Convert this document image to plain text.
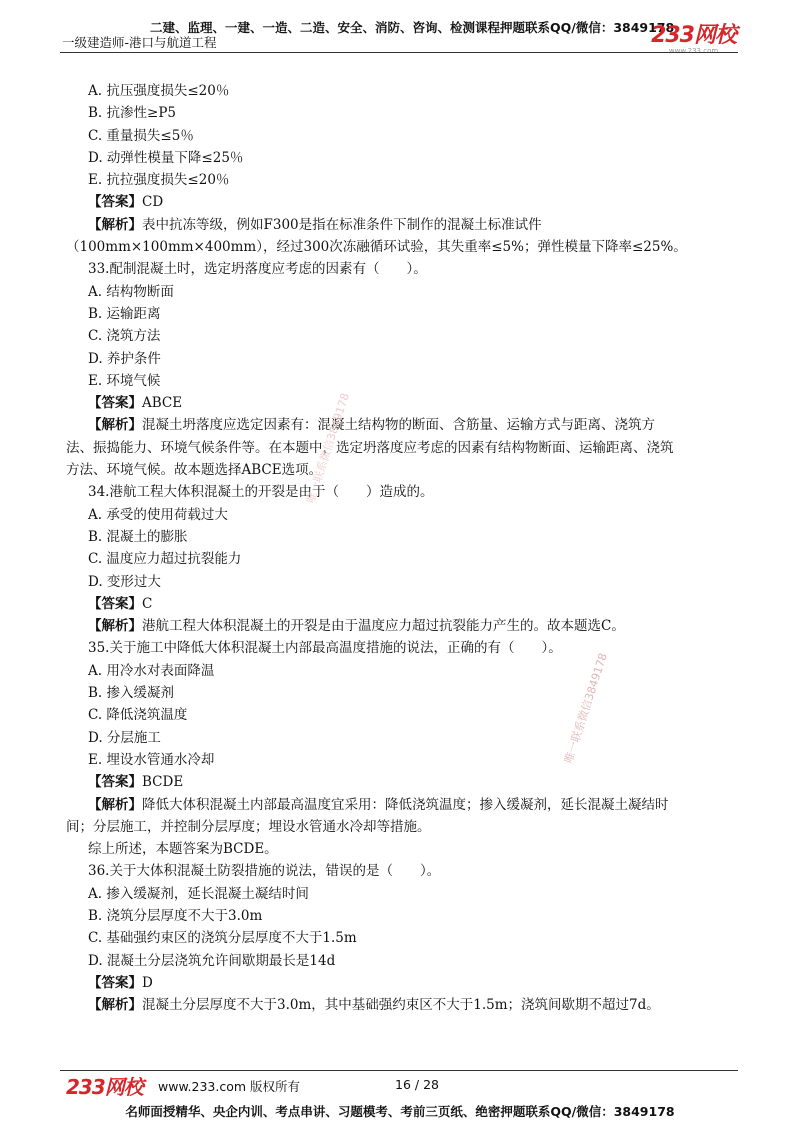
二建、监理、一建、一造、二造、安全、消防、咨询、检测课程押题联系QQ/微信：3849178
一级建造师-港口与航道工程	233网校
www.233.com
A. 抗压强度损失≤20％
B. 抗渗性≥P5
C. 重量损失≤5％
D. 动弹性模量下降≤25％
E. 抗拉强度损失≤20％
【答案】CD
【解析】表中抗冻等级，例如F300是指在标准条件下制作的混凝土标准试件
（100mm×100mm×400mm），经过300次冻融循环试验，其失重率≤5%；弹性模量下降率≤25%。
33.配制混凝土时，选定坍落度应考虑的因素有（　　）。
A. 结构物断面
B. 运输距离
C. 浇筑方法
D. 养护条件
E. 环境气候
【答案】ABCE
【解析】混凝土坍落度应选定因素有：混凝土结构物的断面、含筋量、运输方式与距离、浇筑方
法、振捣能力、环境气候条件等。在本题中，选定坍落度应考虑的因素有结构物断面、运输距离、浇筑
方法、环境气候。故本题选择ABCE选项。
34.港航工程大体积混凝土的开裂是由于（　　）造成的。
A. 承受的使用荷载过大
B. 混凝土的膨胀
C. 温度应力超过抗裂能力
D. 变形过大
【答案】C
【解析】港航工程大体积混凝土的开裂是由于温度应力超过抗裂能力产生的。故本题选C。
35.关于施工中降低大体积混凝土内部最高温度措施的说法，正确的有（　　）。
A. 用冷水对表面降温
B. 掺入缓凝剂
C. 降低浇筑温度
D. 分层施工
E. 埋设水管通水冷却
【答案】BCDE
【解析】降低大体积混凝土内部最高温度宜采用：降低浇筑温度；掺入缓凝剂，延长混凝土凝结时
间；分层施工，并控制分层厚度；埋设水管通水冷却等措施。
综上所述，本题答案为BCDE。
36.关于大体积混凝土防裂措施的说法，错误的是（　　）。
A. 掺入缓凝剂，延长混凝土凝结时间
B. 浇筑分层厚度不大于3.0m
C. 基础强约束区的浇筑分层厚度不大于1.5m
D. 混凝土分层浇筑允许间歇期最长是14d
【答案】D
【解析】混凝土分层厚度不大于3.0m，其中基础强约束区不大于1.5m；浇筑间歇期不超过7d。
唯一联系微信3849178
唯一联系微信3849178
233网校 www.233.com 版权所有	16 / 28
名师面授精华、央企内训、考点串讲、习题模考、考前三页纸、绝密押题联系QQ/微信：3849178
